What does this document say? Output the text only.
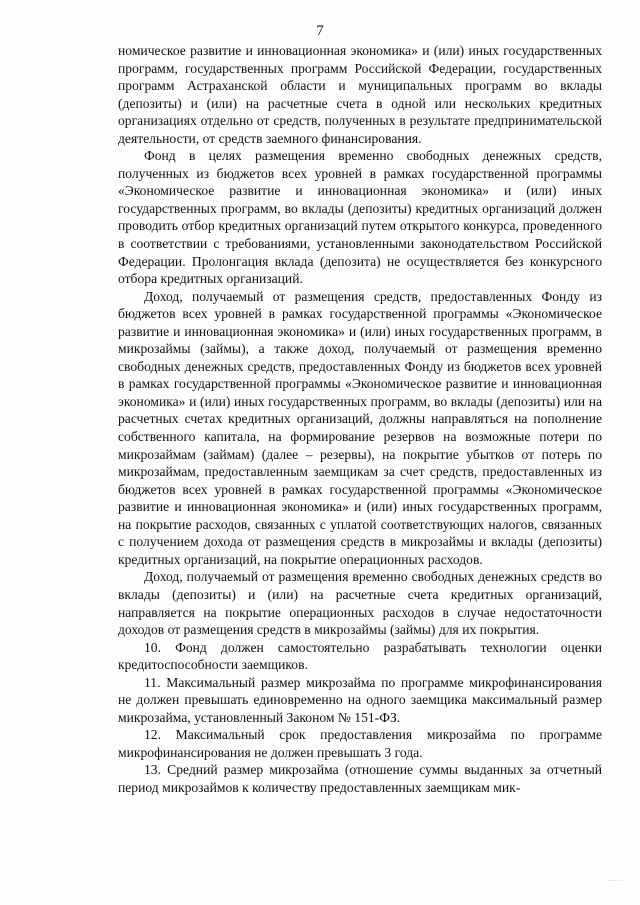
7

номическое развитие и инновационная экономика» и (или) иных государственных программ, государственных программ Российской Федерации, государственных программ Астраханской области и муниципальных программ во вклады (депозиты) и (или) на расчетные счета в одной или нескольких кредитных организациях отдельно от средств, полученных в результате предпринимательской деятельности, от средств заемного финансирования.

Фонд в целях размещения временно свободных денежных средств, полученных из бюджетов всех уровней в рамках государственной программы «Экономическое развитие и инновационная экономика» и (или) иных государственных программ, во вклады (депозиты) кредитных организаций должен проводить отбор кредитных организаций путем открытого конкурса, проведенного в соответствии с требованиями, установленными законодательством Российской Федерации. Пролонгация вклада (депозита) не осуществляется без конкурсного отбора кредитных организаций.

Доход, получаемый от размещения средств, предоставленных Фонду из бюджетов всех уровней в рамках государственной программы «Экономическое развитие и инновационная экономика» и (или) иных государственных программ, в микрозаймы (займы), а также доход, получаемый от размещения временно свободных денежных средств, предоставленных Фонду из бюджетов всех уровней в рамках государственной программы «Экономическое развитие и инновационная экономика» и (или) иных государственных программ, во вклады (депозиты) или на расчетных счетах кредитных организаций, должны направляться на пополнение собственного капитала, на формирование резервов на возможные потери по микрозаймам (займам) (далее – резервы), на покрытие убытков от потерь по микрозаймам, предоставленным заемщикам за счет средств, предоставленных из бюджетов всех уровней в рамках государственной программы «Экономическое развитие и инновационная экономика» и (или) иных государственных программ, на покрытие расходов, связанных с уплатой соответствующих налогов, связанных с получением дохода от размещения средств в микрозаймы и вклады (депозиты) кредитных организаций, на покрытие операционных расходов.

Доход, получаемый от размещения временно свободных денежных средств во вклады (депозиты) и (или) на расчетные счета кредитных организаций, направляется на покрытие операционных расходов в случае недостаточности доходов от размещения средств в микрозаймы (займы) для их покрытия.

10. Фонд должен самостоятельно разрабатывать технологии оценки кредитоспособности заемщиков.

11. Максимальный размер микрозайма по программе микрофинансирования не должен превышать единовременно на одного заемщика максимальный размер микрозайма, установленный Законом № 151-ФЗ.

12. Максимальный срок предоставления микрозайма по программе микрофинансирования не должен превышать 3 года.

13. Средний размер микрозайма (отношение суммы выданных за отчетный период микрозаймов к количеству предоставленных заемщикам мик-
